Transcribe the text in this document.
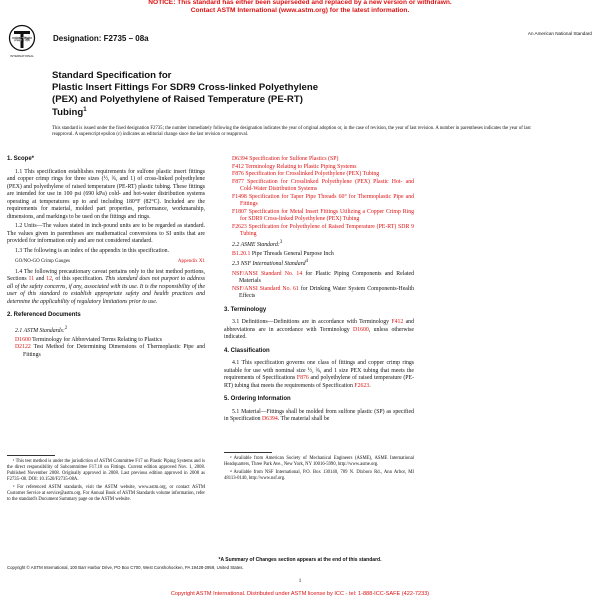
NOTICE: This standard has either been superseded and replaced by a new version or withdrawn.
Contact ASTM International (www.astm.org) for the latest information.
ASTM
INTERNATIONAL
Designation: F2735 – 08a
An American National Standard
Standard Specification for
Plastic Insert Fittings For SDR9 Cross-linked Polyethylene
(PEX) and Polyethylene of Raised Temperature (PE-RT)
Tubing$^1$
This standard is issued under the fixed designation F2735; the number immediately following the designation indicates the year of original adoption or, in the case of revision, the year of last revision. A number in parentheses indicates the year of last reapproval. A superscript epsilon (ε) indicates an editorial change since the last revision or reapproval.
1. Scope*

1.1 This specification establishes requirements for sulfone plastic insert fittings and copper crimp rings for three sizes (½, ¾, and 1) of cross-linked polyethylene (PEX) and polyethylene of raised temperature (PE-RT) plastic tubing. These fittings are intended for use in 100 psi (690 kPa) cold- and hot-water distribution systems operating at temperatures up to and including 180°F (82°C). Included are the requirements for material, molded part properties, performance, workmanship, dimensions, and markings to be used on the fittings and rings.

1.2 Units—The values stated in inch-pound units are to be regarded as standard. The values given in parentheses are mathematical conversions to SI units that are provided for information only and are not considered standard.

1.3 The following is an index of the appendix in this specification.

GO/NO-GO Crimp Gauges	Appendix X1

1.4 The following precautionary caveat pertains only to the test method portions, Sections 11 and 12, of this specification. This standard does not purport to address all of the safety concerns, if any, associated with its use. It is the responsibility of the user of this standard to establish appropriate safety and health practices and determine the applicability of regulatory limitations prior to use.

2. Referenced Documents

2.1 ASTM Standards:$^2$

D1600 Terminology for Abbreviated Terms Relating to Plastics
D2122 Test Method for Determining Dimensions of Thermoplastic Pipe and Fittings

¹ This test method is under the jurisdiction of ASTM Committee F17 on Plastic Piping Systems and is the direct responsibility of Subcommittee F17.10 on Fittings. Current edition approved Nov. 1, 2008. Published November 2008. Originally approved in 2008. Last previous edition approved in 2008 as F2735–08. DOI: 10.1520/F2735-08A.

² For referenced ASTM standards, visit the ASTM website, www.astm.org, or contact ASTM Customer Service at service@astm.org. For Annual Book of ASTM Standards volume information, refer to the standard's Document Summary page on the ASTM website.

D6394 Specification for Sulfone Plastics (SP)
F412 Terminology Relating to Plastic Piping Systems
F876 Specification for Crosslinked Polyethylene (PEX) Tubing
F877 Specification for Crosslinked Polyethylene (PEX) Plastic Hot- and Cold-Water Distribution Systems
F1498 Specification for Taper Pipe Threads 60° for Thermoplastic Pipe and Fittings
F1807 Specification for Metal Insert Fittings Utilizing a Copper Crimp Ring for SDR9 Cross-linked Polyethylene (PEX) Tubing
F2623 Specification for Polyethylene of Raised Temperature (PE-RT) SDR 9 Tubing

2.2 ASME Standard:$^3$

B1.20.1 Pipe Threads General Purpose Inch

2.3 NSF International Standard$^4$

NSF/ANSI Standard No. 14 for Plastic Piping Components and Related Materials
NSF/ANSI Standard No. 61 for Drinking Water System Components-Health Effects
3. Terminology

3.1 Definitions—Definitions are in accordance with Terminology F412 and abbreviations are in accordance with Terminology D1600, unless otherwise indicated.

4. Classification

4.1 This specification governs one class of fittings and copper crimp rings suitable for use with nominal size ½, ¾, and 1 size PEX tubing that meets the requirements of Specifications F876 and polyethylene of raised temperature (PE-RT) tubing that meets the requirements of Specification F2623.

5. Ordering Information

5.1 Material—Fittings shall be molded from sulfone plastic (SP) as specified in Specification D6394. The material shall be

³ Available from American Society of Mechanical Engineers (ASME), ASME International Headquarters, Three Park Ave., New York, NY 10016-5990, http://www.asme.org.

⁴ Available from NSF International, P.O. Box 130140, 789 N. Dixboro Rd., Ann Arbor, MI 48113-0140, http://www.nsf.org.

*A Summary of Changes section appears at the end of this standard.
Copyright © ASTM International, 100 Barr Harbor Drive, PO Box C700, West Conshohocken, PA 19428-2959, United States.
1
Copyright ASTM International. Distributed under ASTM license by ICC - tel: 1-888-ICC-SAFE (422-7233)
